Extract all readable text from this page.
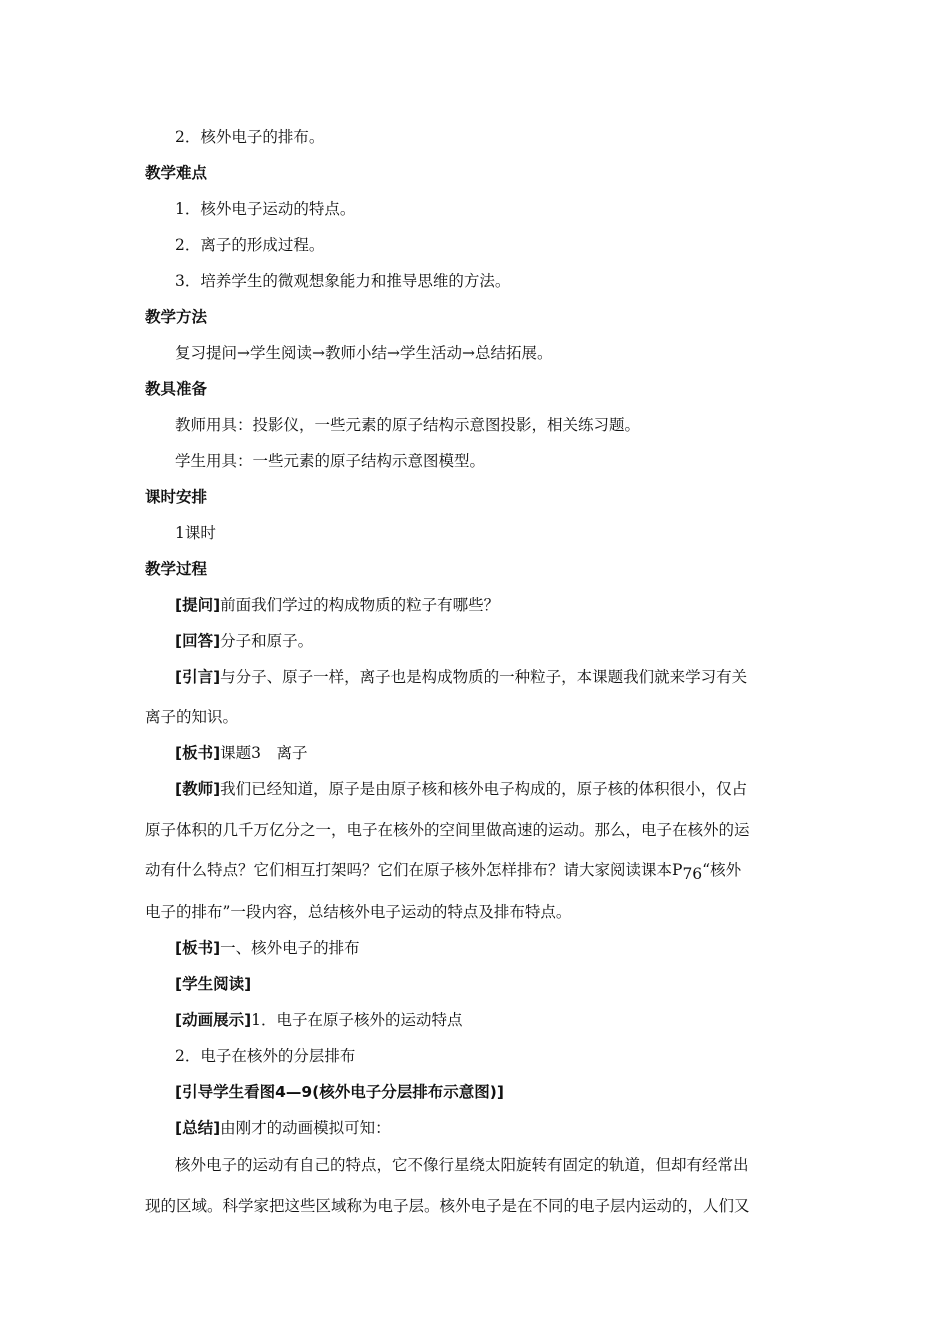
2．核外电子的排布。
教学难点
1．核外电子运动的特点。
2．离子的形成过程。
3．培养学生的微观想象能力和推导思维的方法。
教学方法
复习提问→学生阅读→教师小结→学生活动→总结拓展。
教具准备
教师用具：投影仪，一些元素的原子结构示意图投影，相关练习题。
学生用具：一些元素的原子结构示意图模型。
课时安排
1课时
教学过程
[提问]前面我们学过的构成物质的粒子有哪些？
[回答]分子和原子。
[引言]与分子、原子一样，离子也是构成物质的一种粒子，本课题我们就来学习有关
离子的知识。
[板书]课题3　离子
[教师]我们已经知道，原子是由原子核和核外电子构成的，原子核的体积很小，仅占
原子体积的几千万亿分之一，电子在核外的空间里做高速的运动。那么，电子在核外的运
动有什么特点？它们相互打架吗？它们在原子核外怎样排布？请大家阅读课本P76“核外
电子的排布”一段内容，总结核外电子运动的特点及排布特点。
[板书]一、核外电子的排布
[学生阅读]
[动画展示]1．电子在原子核外的运动特点
2．电子在核外的分层排布
[引导学生看图4—9(核外电子分层排布示意图)]
[总结]由刚才的动画模拟可知：
核外电子的运动有自己的特点，它不像行星绕太阳旋转有固定的轨道，但却有经常出
现的区域。科学家把这些区域称为电子层。核外电子是在不同的电子层内运动的，人们又
